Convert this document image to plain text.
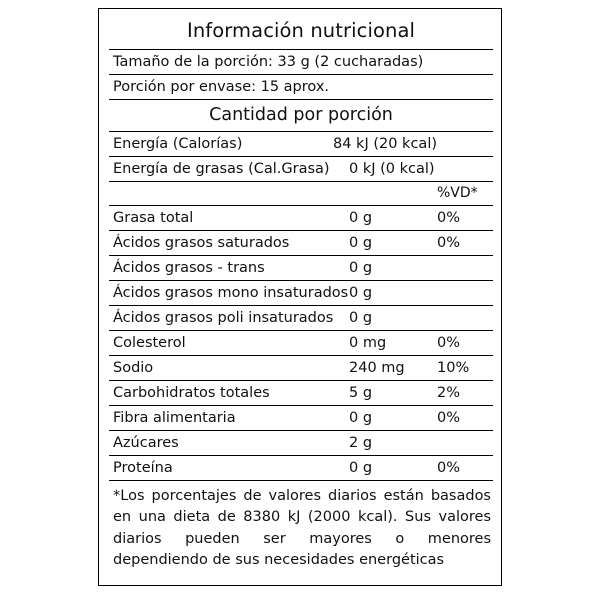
Información nutricional
Tamaño de la porción: 33 g (2 cucharadas)
Porción por envase: 15 aprox.
Cantidad por porción
Energía (Calorías)	84 kJ (20 kcal)
Energía de grasas (Cal.Grasa)	0 kJ (0 kcal)
%VD*
Grasa total	0 g	0%
Ácidos grasos saturados	0 g	0%
Ácidos grasos - trans	0 g
Ácidos grasos mono insaturados 0 g
Ácidos grasos poli insaturados	0 g
Colesterol	0 mg	0%
Sodio	240 mg	10%
Carbohidratos totales	5 g	2%
Fibra alimentaria	0 g	0%
Azúcares	2 g
Proteína	0 g	0%

*Los porcentajes de valores diarios están basados en una dieta de 8380 kJ (2000 kcal). Sus valores diarios pueden ser mayores o menores dependiendo de sus necesidades energéticas
